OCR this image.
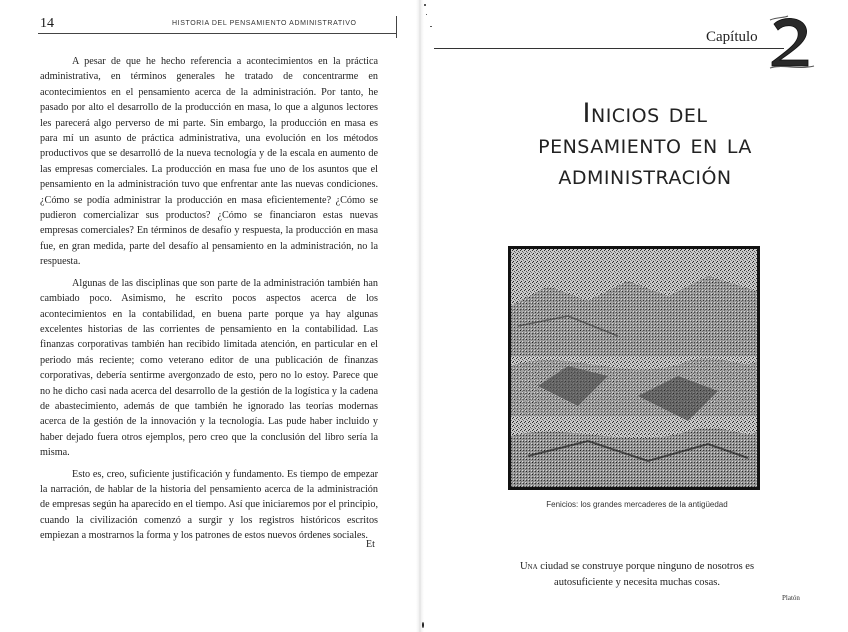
14	HISTORIA DEL PENSAMIENTO ADMINISTRATIVO

A pesar de que he hecho referencia a acontecimientos en la práctica administrativa, en términos generales he tratado de concentrarme en acontecimientos en el pensamiento acerca de la administración. Por tanto, he pasado por alto el desarrollo de la producción en masa, lo que a algunos lectores les parecerá algo perverso de mi parte. Sin embargo, la producción en masa es para mí un asunto de práctica administrativa, una evolución en los métodos productivos que se desarrolló de la nueva tecnología y de la escala en aumento de las empresas comerciales. La producción en masa fue uno de los asuntos que el pensamiento en la administración tuvo que enfrentar ante las nuevas condiciones. ¿Cómo se podía administrar la producción en masa eficientemente? ¿Cómo se pudieron comercializar sus productos? ¿Cómo se financiaron estas nuevas empresas comerciales? En términos de desafío y respuesta, la producción en masa fue, en gran medida, parte del desafío al pensamiento en la administración, no la respuesta.

Algunas de las disciplinas que son parte de la administración también han cambiado poco. Asimismo, he escrito pocos aspectos acerca de los acontecimientos en la contabilidad, en buena parte porque ya hay algunas excelentes historias de las corrientes de pensamiento en la contabilidad. Las finanzas corporativas también han recibido limitada atención, en particular en el periodo más reciente; como veterano editor de una publicación de finanzas corporativas, debería sentirme avergonzado de esto, pero no lo estoy. Parece que no he dicho casi nada acerca del desarrollo de la gestión de la logística y la cadena de abastecimiento, además de que también he ignorado las teorías modernas acerca de la gestión de la innovación y la tecnología. Las pude haber incluido y haber dejado fuera otros ejemplos, pero creo que la conclusión del libro sería la misma.

Esto es, creo, suficiente justificación y fundamento. Es tiempo de empezar la narración, de hablar de la historia del pensamiento acerca de la administración de empresas según ha aparecido en el tiempo. Así que iniciaremos por el principio, cuando la civilización comenzó a surgir y los registros históricos escritos empiezan a mostrarnos la forma y los patrones de estos nuevos órdenes sociales.

Et
Capítulo
Inicios del
pensamiento en la
administración
Fenicios: los grandes mercaderes de la antigüedad
Una ciudad se construye porque ninguno de nosotros es autosuficiente y necesita muchas cosas.
Platón
